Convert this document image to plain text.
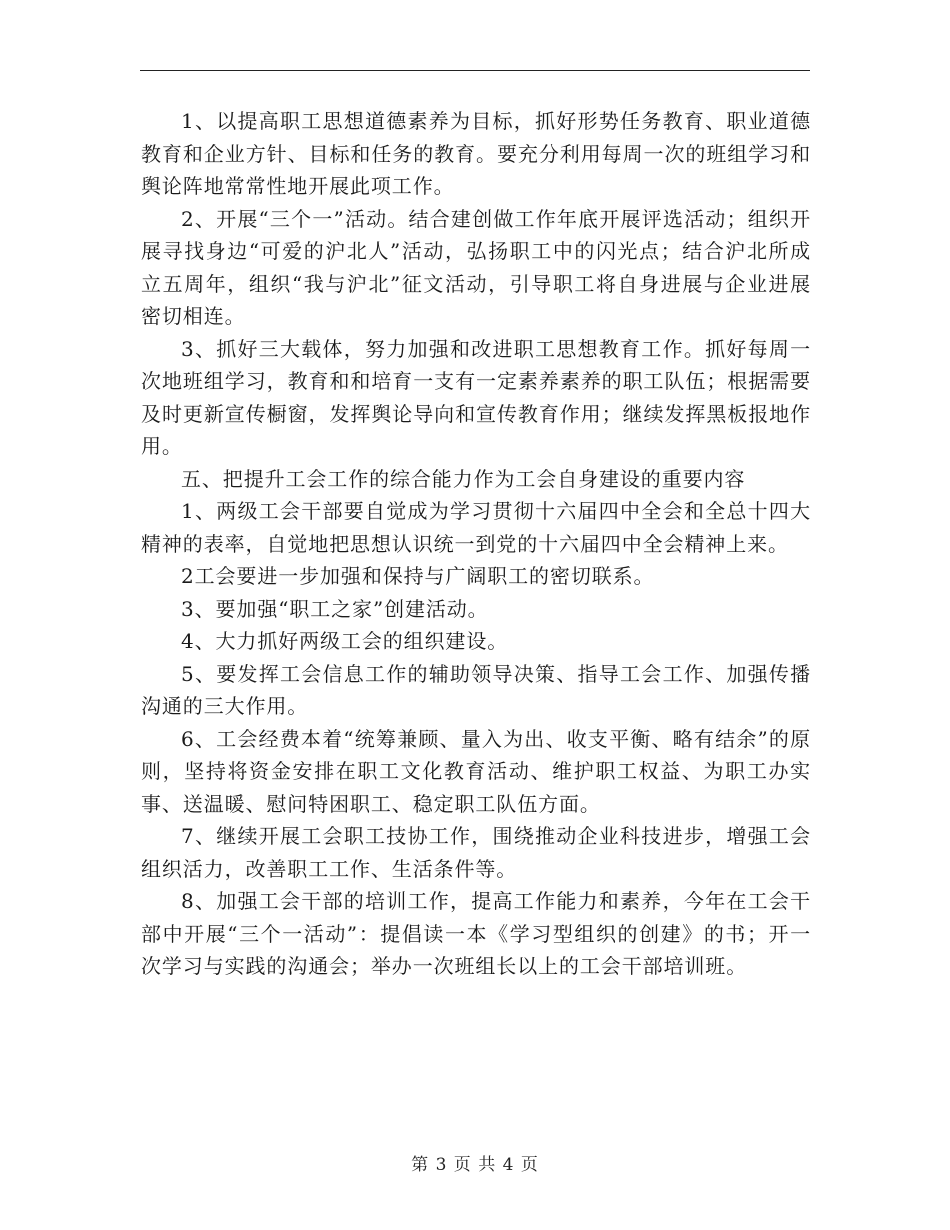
1、以提高职工思想道德素养为目标，抓好形势任务教育、职业道德教育和企业方针、目标和任务的教育。要充分利用每周一次的班组学习和舆论阵地常常性地开展此项工作。

2、开展“三个一”活动。结合建创做工作年底开展评选活动；组织开展寻找身边“可爱的沪北人”活动，弘扬职工中的闪光点；结合沪北所成立五周年，组织“我与沪北”征文活动，引导职工将自身进展与企业进展密切相连。

3、抓好三大载体，努力加强和改进职工思想教育工作。抓好每周一次地班组学习，教育和和培育一支有一定素养素养的职工队伍；根据需要及时更新宣传橱窗，发挥舆论导向和宣传教育作用；继续发挥黑板报地作用。

五、把提升工会工作的综合能力作为工会自身建设的重要内容

1、两级工会干部要自觉成为学习贯彻十六届四中全会和全总十四大精神的表率，自觉地把思想认识统一到党的十六届四中全会精神上来。

2工会要进一步加强和保持与广阔职工的密切联系。

3、要加强“职工之家”创建活动。

4、大力抓好两级工会的组织建设。

5、要发挥工会信息工作的辅助领导决策、指导工会工作、加强传播沟通的三大作用。

6、工会经费本着“统筹兼顾、量入为出、收支平衡、略有结余”的原则，坚持将资金安排在职工文化教育活动、维护职工权益、为职工办实事、送温暖、慰问特困职工、稳定职工队伍方面。

7、继续开展工会职工技协工作，围绕推动企业科技进步，增强工会组织活力，改善职工工作、生活条件等。

8、加强工会干部的培训工作，提高工作能力和素养，今年在工会干部中开展“三个一活动”：提倡读一本《学习型组织的创建》的书；开一次学习与实践的沟通会；举办一次班组长以上的工会干部培训班。

第 3 页 共 4 页
